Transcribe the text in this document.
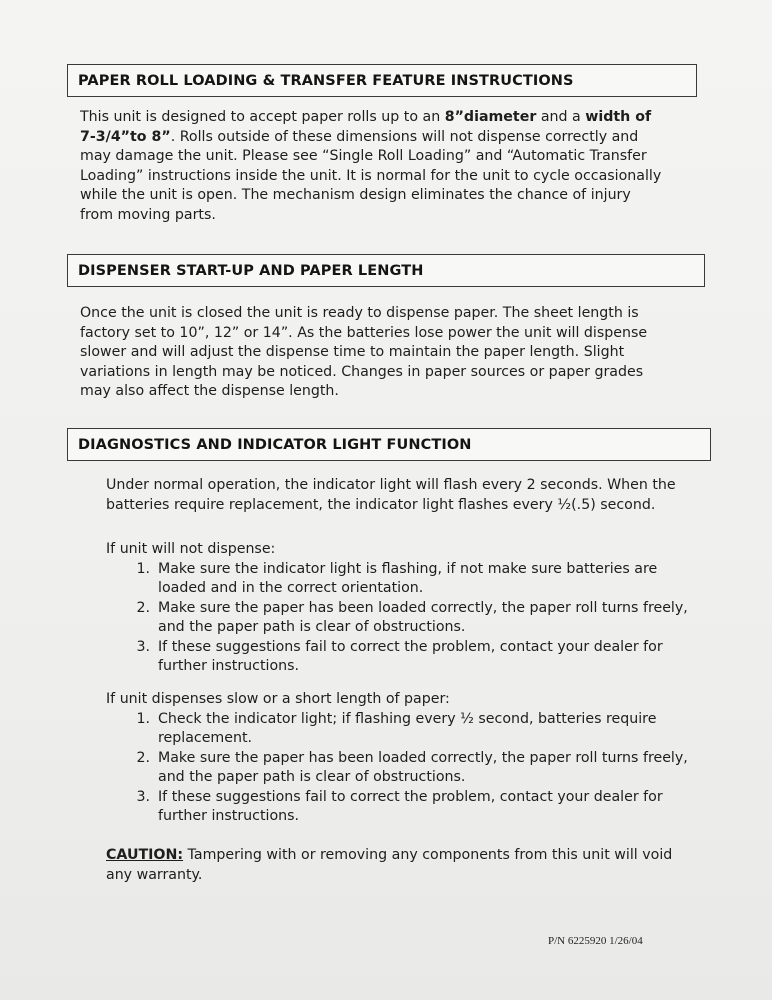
PAPER ROLL LOADING & TRANSFER FEATURE INSTRUCTIONS
This unit is designed to accept paper rolls up to an 8”diameter and a width of 7-3/4”to 8”. Rolls outside of these dimensions will not dispense correctly and may damage the unit. Please see “Single Roll Loading” and “Automatic Transfer Loading” instructions inside the unit. It is normal for the unit to cycle occasionally while the unit is open. The mechanism design eliminates the chance of injury from moving parts.
DISPENSER START-UP AND PAPER LENGTH
Once the unit is closed the unit is ready to dispense paper. The sheet length is factory set to 10”, 12” or 14”. As the batteries lose power the unit will dispense slower and will adjust the dispense time to maintain the paper length. Slight variations in length may be noticed. Changes in paper sources or paper grades may also affect the dispense length.
DIAGNOSTICS AND INDICATOR LIGHT FUNCTION
Under normal operation, the indicator light will flash every 2 seconds. When the batteries require replacement, the indicator light flashes every ½(.5) second.
If unit will not dispense:
1. Make sure the indicator light is flashing, if not make sure batteries are loaded and in the correct orientation.
2. Make sure the paper has been loaded correctly, the paper roll turns freely, and the paper path is clear of obstructions.
3. If these suggestions fail to correct the problem, contact your dealer for further instructions.
If unit dispenses slow or a short length of paper:
1. Check the indicator light; if flashing every ½ second, batteries require replacement.
2. Make sure the paper has been loaded correctly, the paper roll turns freely, and the paper path is clear of obstructions.
3. If these suggestions fail to correct the problem, contact your dealer for further instructions.
CAUTION: Tampering with or removing any components from this unit will void any warranty.
P/N 6225920 1/26/04
